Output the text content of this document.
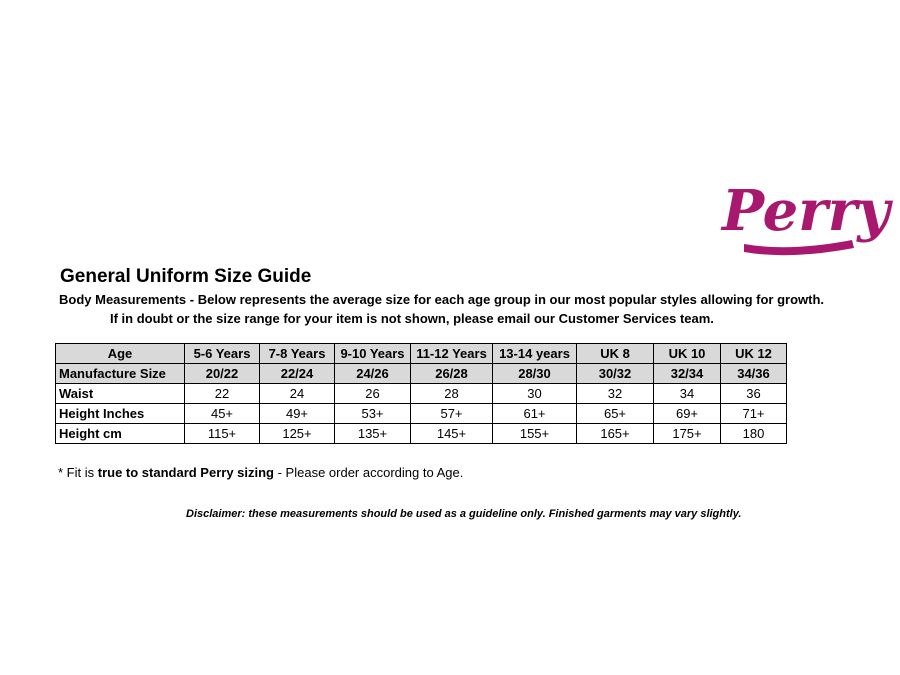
Perry
General Uniform Size Guide
Body Measurements - Below represents the average size for each age group in our most popular styles allowing for growth.
If in doubt or the size range for your item is not shown, please email our Customer Services team.
Age	5-6 Years	7-8 Years	9-10 Years	11-12 Years	13-14 years	UK 8	UK 10	UK 12
Manufacture Size	20/22	22/24	24/26	26/28	28/30	30/32	32/34	34/36
Waist	22	24	26	28	30	32	34	36
Height Inches	45+	49+	53+	57+	61+	65+	69+	71+
Height cm	115+	125+	135+	145+	155+	165+	175+	180
* Fit is true to standard Perry sizing - Please order according to Age.
Disclaimer: these measurements should be used as a guideline only. Finished garments may vary slightly.
